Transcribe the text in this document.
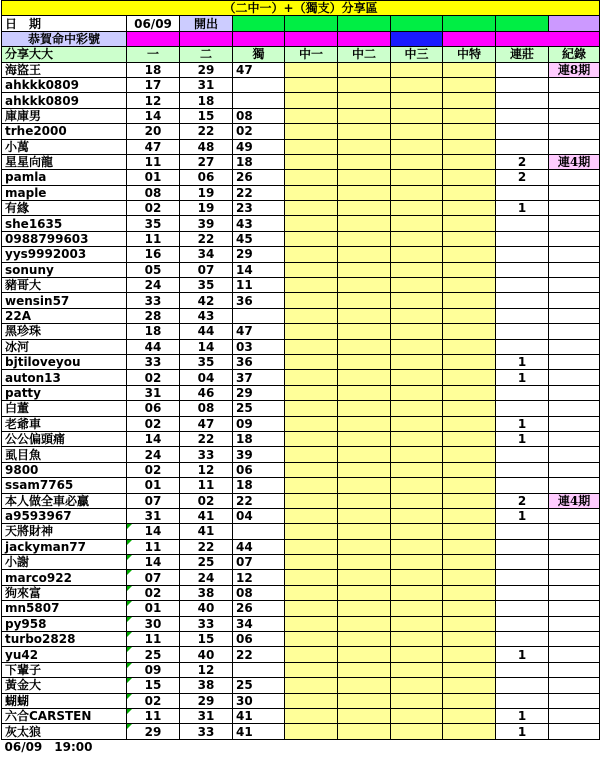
（二中一）+（獨支）分享區									
日　期	06/09	開出							
恭賀命中彩號									
分享大大	一	二	獨	中一	中二	中三	中特	連莊	紀錄
海盜王	18	29	47						連8期
ahkkk0809	17	31							
ahkkk0809	12	18							
庫庫男	14	15	08						
trhe2000	20	22	02						
小萬	47	48	49						
星星向龍	11	27	18					2	連4期
pamla	01	06	26					2	
maple	08	19	22						
有緣	02	19	23					1	
she1635	35	39	43						
0988799603	11	22	45						
yys9992003	16	34	29						
sonuny	05	07	14						
豬哥大	24	35	11						
wensin57	33	42	36						
22A	28	43							
黑珍珠	18	44	47						
冰河	44	14	03						
bjtiloveyou	33	35	36					1	
auton13	02	04	37					1	
patty	31	46	29						
白董	06	08	25						
老爺車	02	47	09					1	
公公偏頭痛	14	22	18					1	
虱目魚	24	33	39						
9800	02	12	06						
ssam7765	01	11	18						
本人做全車必贏	07	02	22					2	連4期
a9593967	31	41	04					1	
天將財神	14	41							
jackyman77	11	22	44						
小謝	14	25	07						
marco922	07	24	12						
狗來富	02	38	08						
mn5807	01	40	26						
py958	30	33	34						
turbo2828	11	15	06						
yu42	25	40	22					1	
下輩子	09	12							
黃金大	15	38	25						
蝴蝴	02	29	30						
六合CARSTEN	11	31	41					1	
灰太狼	29	33	41					1	
06/09　19:00									
